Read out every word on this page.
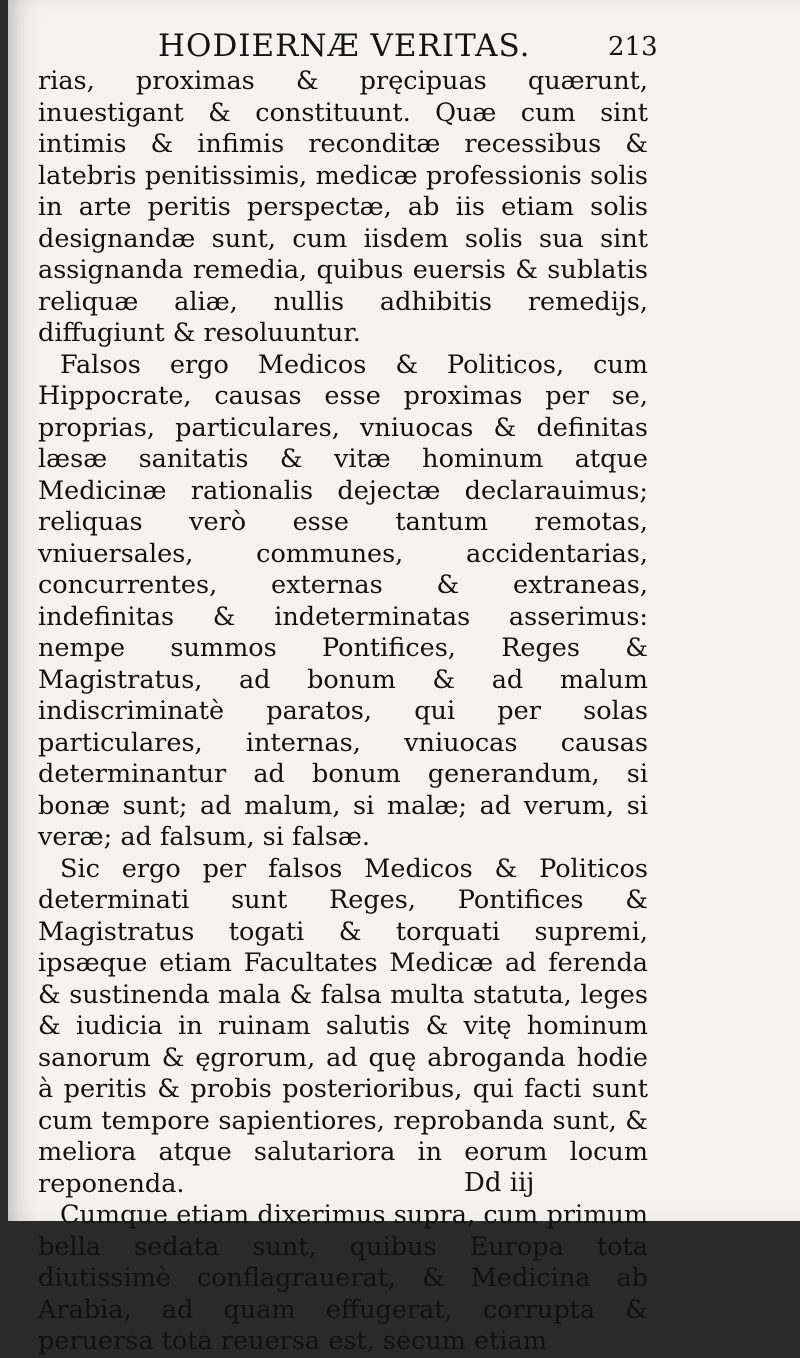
HODIERNÆ VERITAS.	213

rias, proximas & pręcipuas quærunt, inuestigant & constituunt. Quæ cum sint intimis & infimis reconditæ recessibus & latebris penitissimis, medicæ professionis solis in arte peritis perspectæ, ab iis etiam solis designandæ sunt, cum iisdem solis sua sint assignanda remedia, quibus euersis & sublatis reliquæ aliæ, nullis adhibitis remedijs, diffugiunt & resoluuntur.

Falsos ergo Medicos & Politicos, cum Hippocrate, causas esse proximas per se, proprias, particulares, vniuocas & definitas læsæ sanitatis & vitæ hominum atque Medicinæ rationalis dejectæ declarauimus; reliquas verò esse tantum remotas, vniuersales, communes, accidentarias, concurrentes, externas & extraneas, indefinitas & indeterminatas asserimus: nempe summos Pontifices, Reges & Magistratus, ad bonum & ad malum indiscriminatè paratos, qui per solas particulares, internas, vniuocas causas determinantur ad bonum generandum, si bonæ sunt; ad malum, si malæ; ad verum, si veræ; ad falsum, si falsæ.

Sic ergo per falsos Medicos & Politicos determinati sunt Reges, Pontifices & Magistratus togati & torquati supremi, ipsæque etiam Facultates Medicæ ad ferenda & sustinenda mala & falsa multa statuta, leges & iudicia in ruinam salutis & vitę hominum sanorum & ęgrorum, ad quę abroganda hodie à peritis & probis posterioribus, qui facti sunt cum tempore sapientiores, reprobanda sunt, & meliora atque salutariora in eorum locum reponenda.

Cumque etiam dixerimus supra, cum primum bella sedata sunt, quibus Europa tota diutissimè conflagrauerat, & Medicina ab Arabia, ad quam effugerat, corrupta & peruersa tota reuersa est, secum etiam

Dd iij
